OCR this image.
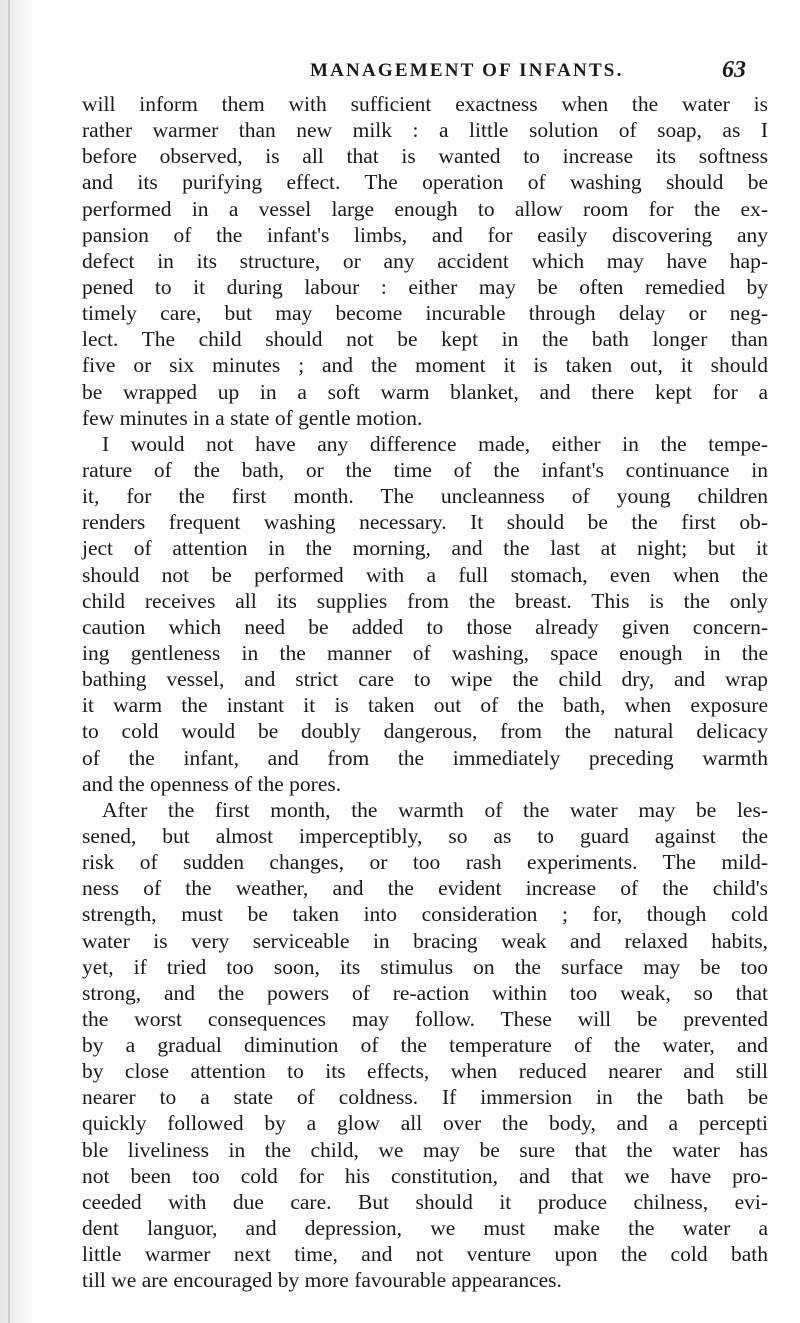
MANAGEMENT OF INFANTS.	63
will inform them with sufficient exactness when the water is
rather warmer than new milk : a little solution of soap, as I
before observed, is all that is wanted to increase its softness
and its purifying effect. The operation of washing should be
performed in a vessel large enough to allow room for the ex-
pansion of the infant's limbs, and for easily discovering any
defect in its structure, or any accident which may have hap-
pened to it during labour : either may be often remedied by
timely care, but may become incurable through delay or neg-
lect. The child should not be kept in the bath longer than
five or six minutes ; and the moment it is taken out, it should
be wrapped up in a soft warm blanket, and there kept for a
few minutes in a state of gentle motion.
I would not have any difference made, either in the tempe-
rature of the bath, or the time of the infant's continuance in
it, for the first month. The uncleanness of young children
renders frequent washing necessary. It should be the first ob-
ject of attention in the morning, and the last at night; but it
should not be performed with a full stomach, even when the
child receives all its supplies from the breast. This is the only
caution which need be added to those already given concern-
ing gentleness in the manner of washing, space enough in the
bathing vessel, and strict care to wipe the child dry, and wrap
it warm the instant it is taken out of the bath, when exposure
to cold would be doubly dangerous, from the natural delicacy
of the infant, and from the immediately preceding warmth
and the openness of the pores.
After the first month, the warmth of the water may be les-
sened, but almost imperceptibly, so as to guard against the
risk of sudden changes, or too rash experiments. The mild-
ness of the weather, and the evident increase of the child's
strength, must be taken into consideration ; for, though cold
water is very serviceable in bracing weak and relaxed habits,
yet, if tried too soon, its stimulus on the surface may be too
strong, and the powers of re-action within too weak, so that
the worst consequences may follow. These will be prevented
by a gradual diminution of the temperature of the water, and
by close attention to its effects, when reduced nearer and still
nearer to a state of coldness. If immersion in the bath be
quickly followed by a glow all over the body, and a percepti
ble liveliness in the child, we may be sure that the water has
not been too cold for his constitution, and that we have pro-
ceeded with due care. But should it produce chilness, evi-
dent languor, and depression, we must make the water a
little warmer next time, and not venture upon the cold bath
till we are encouraged by more favourable appearances.
